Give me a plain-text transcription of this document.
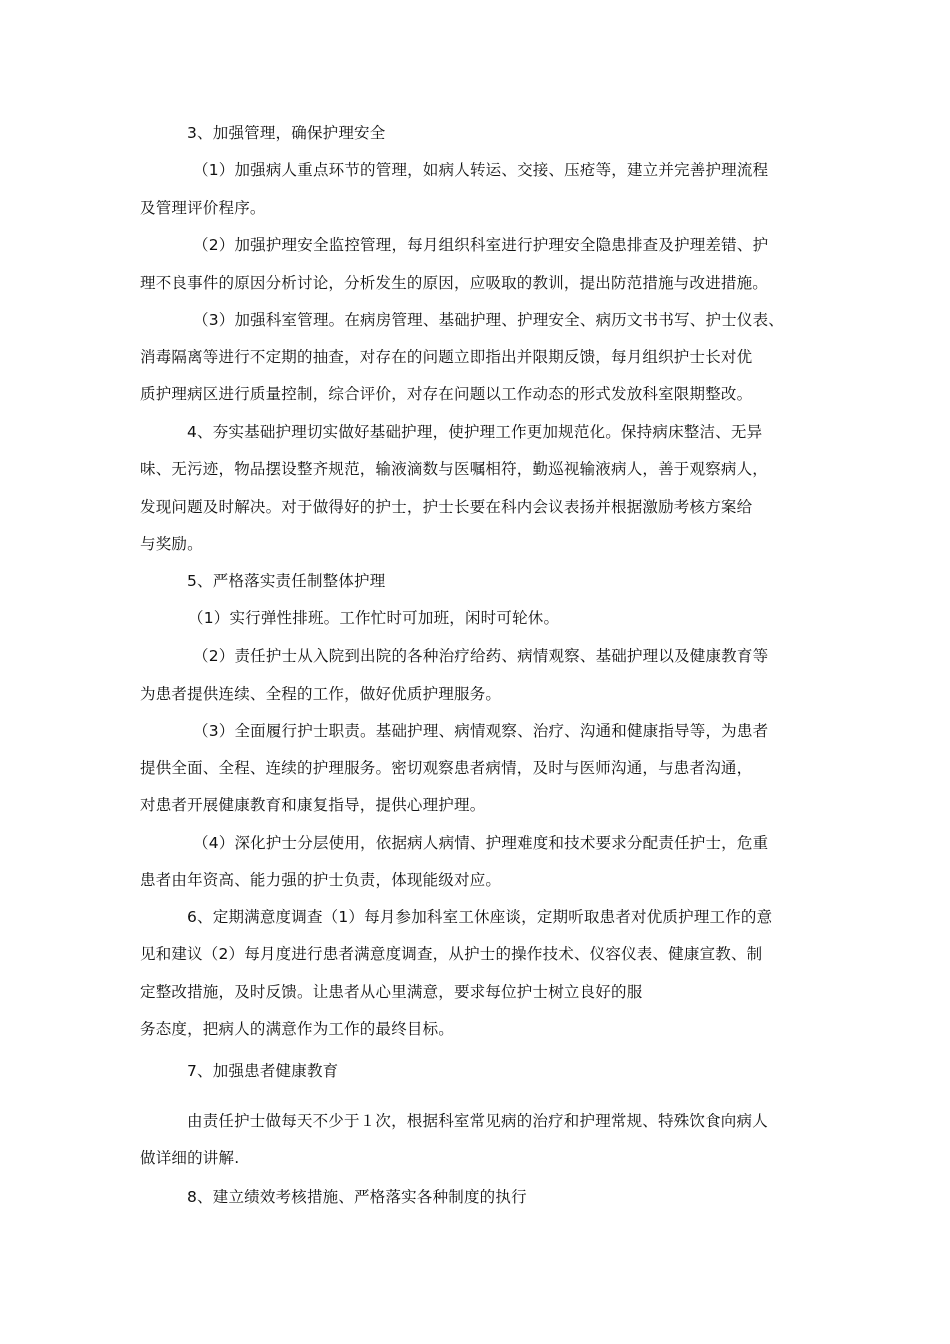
3、加强管理，确保护理安全
（1）加强病人重点环节的管理，如病人转运、交接、压疮等，建立并完善护理流程
及管理评价程序。
（2）加强护理安全监控管理，每月组织科室进行护理安全隐患排查及护理差错、护
理不良事件的原因分析讨论，分析发生的原因，应吸取的教训，提出防范措施与改进措施。
（3）加强科室管理。在病房管理、基础护理、护理安全、病历文书书写、护士仪表、
消毒隔离等进行不定期的抽查，对存在的问题立即指出并限期反馈，每月组织护士长对优
质护理病区进行质量控制，综合评价，对存在问题以工作动态的形式发放科室限期整改。
4、夯实基础护理切实做好基础护理，使护理工作更加规范化。保持病床整洁、无异
味、无污迹，物品摆设整齐规范，输液滴数与医嘱相符，勤巡视输液病人，善于观察病人，
发现问题及时解决。对于做得好的护士，护士长要在科内会议表扬并根据激励考核方案给
与奖励。
5、严格落实责任制整体护理
（1）实行弹性排班。工作忙时可加班，闲时可轮休。
（2）责任护士从入院到出院的各种治疗给药、病情观察、基础护理以及健康教育等
为患者提供连续、全程的工作，做好优质护理服务。
（3）全面履行护士职责。基础护理、病情观察、治疗、沟通和健康指导等，为患者
提供全面、全程、连续的护理服务。密切观察患者病情，及时与医师沟通，与患者沟通，
对患者开展健康教育和康复指导，提供心理护理。
（4）深化护士分层使用，依据病人病情、护理难度和技术要求分配责任护士，危重
患者由年资高、能力强的护士负责，体现能级对应。
6、定期满意度调查（1）每月参加科室工休座谈，定期听取患者对优质护理工作的意
见和建议（2）每月度进行患者满意度调查，从护士的操作技术、仪容仪表、健康宣教、制
定整改措施，及时反馈。让患者从心里满意，要求每位护士树立良好的服
务态度，把病人的满意作为工作的最终目标。
7、加强患者健康教育
由责任护士做每天不少于１次，根据科室常见病的治疗和护理常规、特殊饮食向病人
做详细的讲解.
8、建立绩效考核措施、严格落实各种制度的执行
